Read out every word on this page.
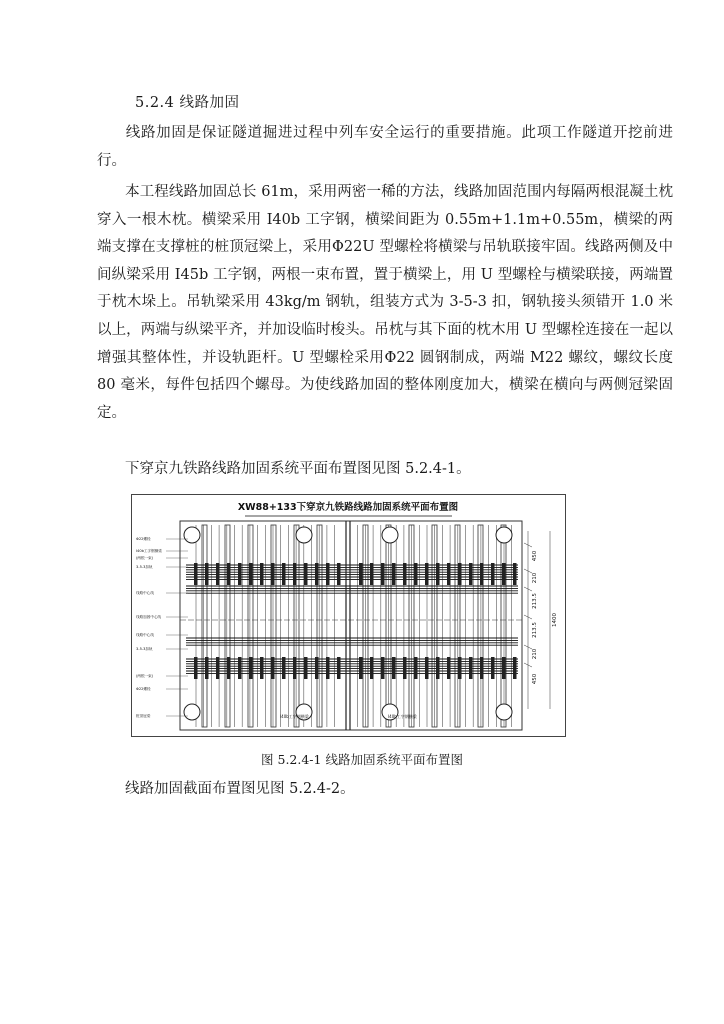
5.2.4 线路加固
线路加固是保证隧道掘进过程中列车安全运行的重要措施。此项工作隧道开挖前进行。
本工程线路加固总长 61m，采用两密一稀的方法，线路加固范围内每隔两根混凝土枕穿入一根木枕。横梁采用 I40b 工字钢，横梁间距为 0.55m+1.1m+0.55m，横梁的两端支撑在支撑桩的桩顶冠梁上，采用Φ22U 型螺栓将横梁与吊轨联接牢固。线路两侧及中间纵梁采用 I45b 工字钢，两根一束布置，置于横梁上，用 U 型螺栓与横梁联接，两端置于枕木垛上。吊轨梁采用 43kg/m 钢轨，组装方式为 3-5-3 扣，钢轨接头须错开 1.0 米以上，两端与纵梁平齐，并加设临时梭头。吊枕与其下面的枕木用 U 型螺栓连接在一起以增强其整体性，并设轨距杆。U 型螺栓采用Φ22 圆钢制成，两端 M22 螺纹，螺纹长度 80 毫米，每件包括四个螺母。为使线路加固的整体刚度加大，横梁在横向与两侧冠梁固定。
下穿京九铁路线路加固系统平面布置图见图 5.2.4-1。
XW88+133下穿京九铁路线路加固系统平面布置图
Φ22螺栓
I40b工字钢横梁
(两根一束)
3-5-3扣轨
线路中心线
线路加固中心线
线路中心线
3-5-3扣轨
(两根一束)
Φ22螺栓
桩顶冠梁
450
210
213.5
213.5
210
450
1400
I40b工字钢横梁	I40b工字钢横梁
图 5.2.4-1 线路加固系统平面布置图
线路加固截面布置图见图 5.2.4-2。
